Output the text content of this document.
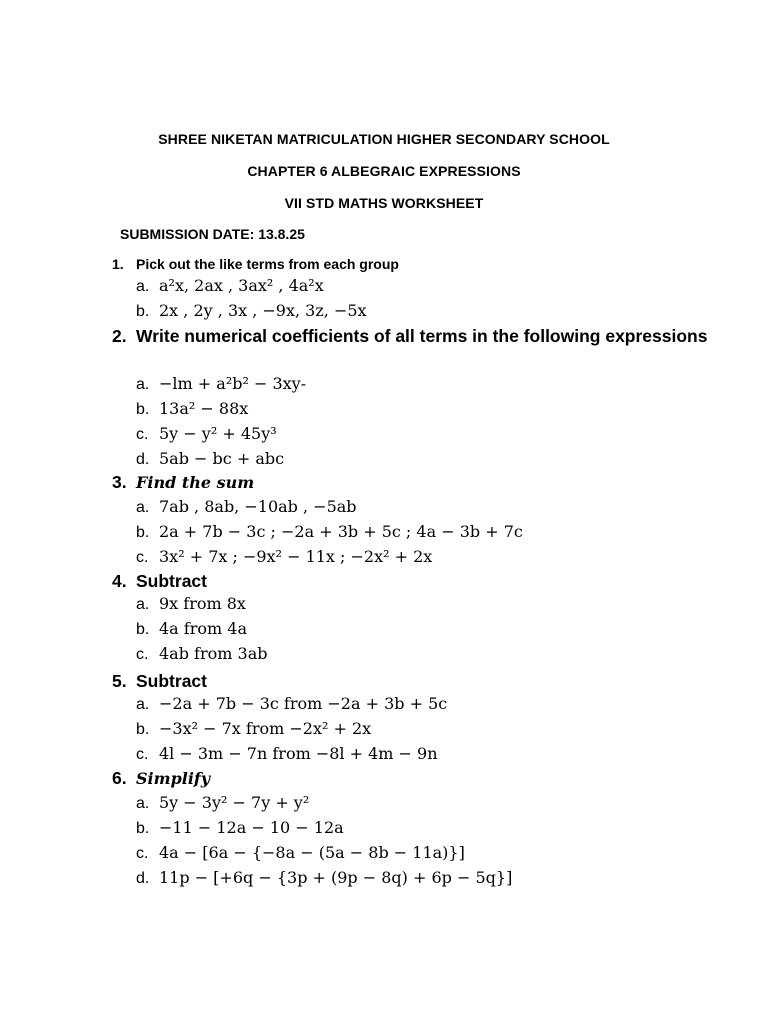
SHREE NIKETAN MATRICULATION HIGHER SECONDARY SCHOOL
CHAPTER 6 ALBEGRAIC EXPRESSIONS
VII STD MATHS WORKSHEET
SUBMISSION DATE: 13.8.25
1. Pick out the like terms from each group
a. a²x, 2ax , 3ax² , 4a²x
b. 2x , 2y , 3x , −9x, 3z, −5x
2. Write numerical coefficients of all terms in the following expressions
a. −lm + a²b² − 3xy-
b. 13a² − 88x
c. 5y − y² + 45y³
d. 5ab − bc + abc
3. Find the sum
a. 7ab , 8ab, −10ab , −5ab
b. 2a + 7b − 3c ; −2a + 3b + 5c ; 4a − 3b + 7c
c. 3x² + 7x ; −9x² − 11x ; −2x² + 2x
4. Subtract
a. 9x from 8x
b. 4a from 4a
c. 4ab from 3ab
5. Subtract
a. −2a + 7b − 3c from −2a + 3b + 5c
b. −3x² − 7x from −2x² + 2x
c. 4l − 3m − 7n from −8l + 4m − 9n
6. Simplify
a. 5y − 3y² − 7y + y²
b. −11 − 12a − 10 − 12a
c. 4a − [6a − {−8a − (5a − 8b − 11a)}]
d. 11p − [+6q − {3p + (9p − 8q) + 6p − 5q}]
